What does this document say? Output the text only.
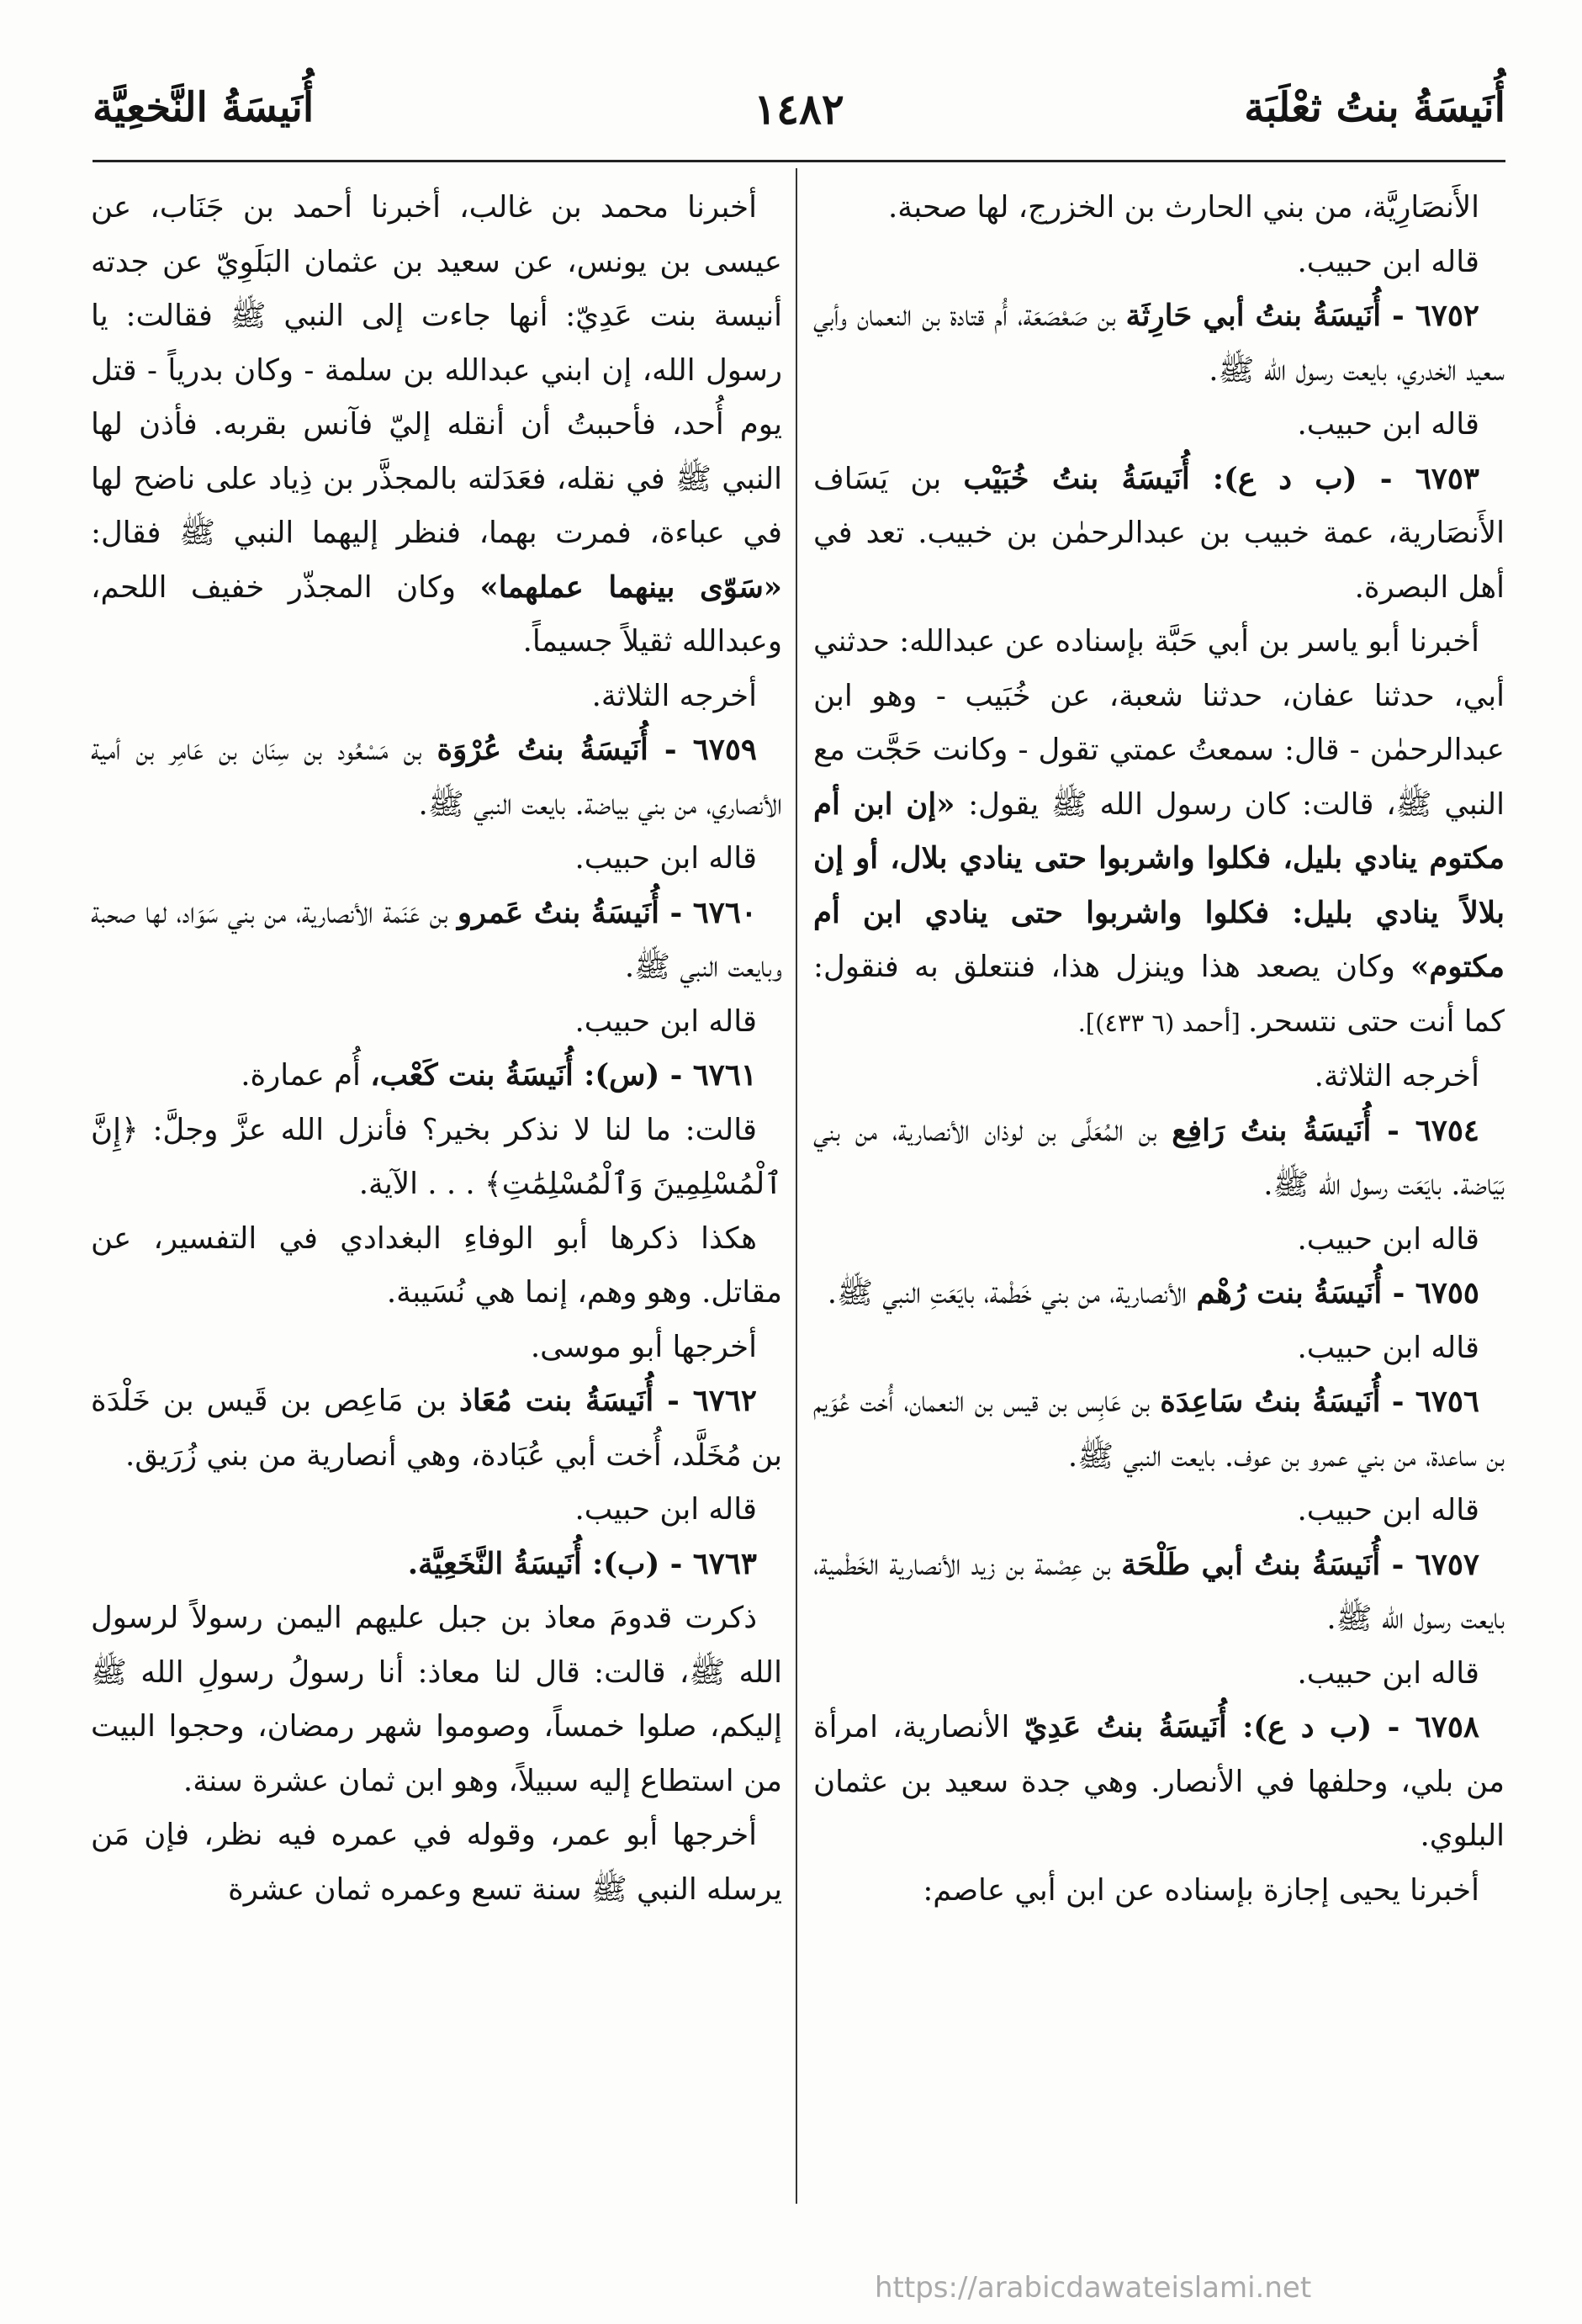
أُنَيسَةُ بنتُ ثعْلَبَة
١٤٨٢
أُنَيسَةُ النَّخعِيَّة

الأَنصَارِيَّة، من بني الحارث بن الخزرج، لها صحبة.

قاله ابن حبيب.

٦٧٥٢ - أُنَيسَةُ بنتُ أبي حَارِثَة بن صَعْصَعَة، أُم قتادة بن النعمان وأبي سعيد الخدري، بايعت رسول الله ﷺ.

قاله ابن حبيب.

٦٧٥٣ - (ب د ع): أُنَيسَةُ بنتُ خُبَيْب بن يَسَاف الأَنصَارية، عمة خبيب بن عبدالرحمٰن بن خبيب. تعد في أهل البصرة.

أخبرنا أبو ياسر بن أبي حَبَّة بإسناده عن عبدالله: حدثني أبي، حدثنا عفان، حدثنا شعبة، عن خُبَيب - وهو ابن عبدالرحمٰن - قال: سمعتُ عمتي تقول - وكانت حَجَّت مع النبي ﷺ، قالت: كان رسول الله ﷺ يقول: «إن ابن أم مكتوم ينادي بليل، فكلوا واشربوا حتى ينادي بلال، أو إن بلالاً ينادي بليل: فكلوا واشربوا حتى ينادي ابن أم مكتوم» وكان يصعد هذا وينزل هذا، فنتعلق به فنقول: كما أنت حتى نتسحر. [أحمد (٦ ٤٣٣)].

أخرجه الثلاثة.

٦٧٥٤ - أُنَيسَةُ بنتُ رَافِع بن المُعَلَّى بن لوذان الأنصارية، من بني بَيَاضة. بايَعَت رسول الله ﷺ.

قاله ابن حبيب.

٦٧٥٥ - أُنَيسَةُ بنت رُهْم الأنصارية، من بني خَطْمة، بايَعَتِ النبي ﷺ.

قاله ابن حبيب.

٦٧٥٦ - أُنَيسَةُ بنتُ سَاعِدَة بن عَابِس بن قيس بن النعمان، أُخت عُوَيم بن ساعدة، من بني عمرو بن عوف. بايعت النبي ﷺ.

قاله ابن حبيب.

٦٧٥٧ - أُنَيسَةُ بنتُ أبي طَلْحَة بن عِصْمة بن زيد الأنصارية الخَطْمية، بايعت رسول الله ﷺ.

قاله ابن حبيب.

٦٧٥٨ - (ب د ع): أُنَيسَةُ بنتُ عَدِيّ الأنصارية، امرأة من بلي، وحلفها في الأنصار. وهي جدة سعيد بن عثمان البلوي.

أخبرنا يحيى إجازة بإسناده عن ابن أبي عاصم:

أخبرنا محمد بن غالب، أخبرنا أحمد بن جَنَاب، عن عيسى بن يونس، عن سعيد بن عثمان البَلَوِيّ عن جدته أنيسة بنت عَدِيّ: أنها جاءت إلى النبي ﷺ فقالت: يا رسول الله، إن ابني عبدالله بن سلمة - وكان بدرياً - قتل يوم أُحد، فأحببتُ أن أنقله إليّ فآنس بقربه. فأذن لها النبي ﷺ في نقله، فعَدَلته بالمجذَّر بن ذِياد على ناضح لها في عباءة، فمرت بهما، فنظر إليهما النبي ﷺ فقال: «سَوّى بينهما عملهما» وكان المجذّر خفيف اللحم، وعبدالله ثقيلاً جسيماً.

أخرجه الثلاثة.

٦٧٥٩ - أُنَيسَةُ بنتُ عُرْوَة بن مَسْعُود بن سِنَان بن عَامِر بن أمية الأنصاري، من بني بياضة. بايعت النبي ﷺ.

قاله ابن حبيب.

٦٧٦٠ - أُنَيسَةُ بنتُ عَمرو بن عَنَمة الأنصارية، من بني سَوَاد، لها صحبة وبايعت النبي ﷺ.

قاله ابن حبيب.

٦٧٦١ - (س): أُنَيسَةُ بنت كَعْب، أُم عمارة.

قالت: ما لنا لا نذكر بخير؟ فأنزل الله عزَّ وجلَّ: ﴿إِنَّ ٱلْمُسْلِمِينَ وَٱلْمُسْلِمَٰتِ﴾ . . . الآية.

هكذا ذكرها أبو الوفاءِ البغدادي في التفسير، عن مقاتل. وهو وهم، إنما هي نُسَيبة.

أخرجها أبو موسى.

٦٧٦٢ - أُنَيسَةُ بنت مُعَاذ بن مَاعِص بن قَيس بن خَلْدَة بن مُخَلَّد، أُخت أبي عُبَادة، وهي أنصارية من بني زُرَيق.

قاله ابن حبيب.

٦٧٦٣ - (ب): أُنَيسَةُ النَّخَعِيَّة.

ذكرت قدومَ معاذ بن جبل عليهم اليمن رسولاً لرسول الله ﷺ، قالت: قال لنا معاذ: أنا رسولُ رسولِ الله ﷺ إليكم، صلوا خمساً، وصوموا شهر رمضان، وحجوا البيت من استطاع إليه سبيلاً، وهو ابن ثمان عشرة سنة.

أخرجها أبو عمر، وقوله في عمره فيه نظر، فإن مَن يرسله النبي ﷺ سنة تسع وعمره ثمان عشرة

https://arabicdawateislami.net
